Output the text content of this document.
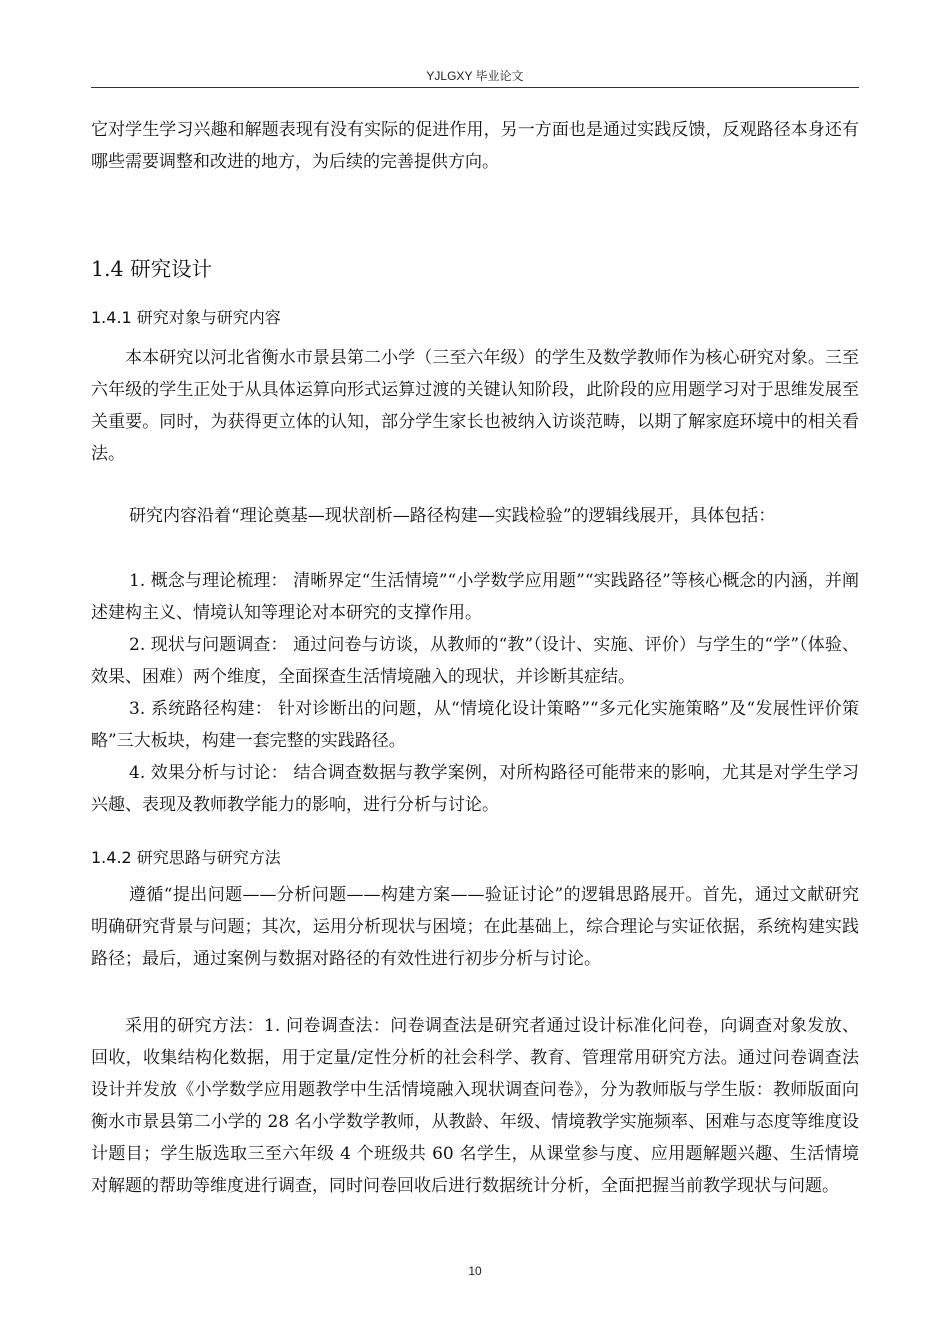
YJLGXY 毕业论文
它对学生学习兴趣和解题表现有没有实际的促进作用，另一方面也是通过实践反馈，反观路径本身还有哪些需要调整和改进的地方，为后续的完善提供方向。
1.4 研究设计
1.4.1 研究对象与研究内容
本本研究以河北省衡水市景县第二小学（三至六年级）的学生及数学教师作为核心研究对象。三至六年级的学生正处于从具体运算向形式运算过渡的关键认知阶段，此阶段的应用题学习对于思维发展至关重要。同时，为获得更立体的认知，部分学生家长也被纳入访谈范畴，以期了解家庭环境中的相关看法。
研究内容沿着“理论奠基—现状剖析—路径构建—实践检验”的逻辑线展开，具体包括：
1. 概念与理论梳理： 清晰界定“生活情境”“小学数学应用题”“实践路径”等核心概念的内涵，并阐述建构主义、情境认知等理论对本研究的支撑作用。
2. 现状与问题调查： 通过问卷与访谈，从教师的“教”（设计、实施、评价）与学生的“学”（体验、效果、困难）两个维度，全面探查生活情境融入的现状，并诊断其症结。
3. 系统路径构建： 针对诊断出的问题，从“情境化设计策略”“多元化实施策略”及“发展性评价策略”三大板块，构建一套完整的实践路径。
4. 效果分析与讨论： 结合调查数据与教学案例，对所构路径可能带来的影响，尤其是对学生学习兴趣、表现及教师教学能力的影响，进行分析与讨论。
1.4.2 研究思路与研究方法
遵循“提出问题——分析问题——构建方案——验证讨论”的逻辑思路展开。首先，通过文献研究明确研究背景与问题；其次，运用分析现状与困境；在此基础上，综合理论与实证依据，系统构建实践路径；最后，通过案例与数据对路径的有效性进行初步分析与讨论。
采用的研究方法：1. 问卷调查法：问卷调查法是研究者通过设计标准化问卷，向调查对象发放、回收，收集结构化数据，用于定量/定性分析的社会科学、教育、管理常用研究方法。通过问卷调查法设计并发放《小学数学应用题教学中生活情境融入现状调查问卷》，分为教师版与学生版：教师版面向衡水市景县第二小学的 28 名小学数学教师，从教龄、年级、情境教学实施频率、困难与态度等维度设计题目；学生版选取三至六年级 4 个班级共 60 名学生，从课堂参与度、应用题解题兴趣、生活情境对解题的帮助等维度进行调查，同时问卷回收后进行数据统计分析，全面把握当前教学现状与问题。
10
